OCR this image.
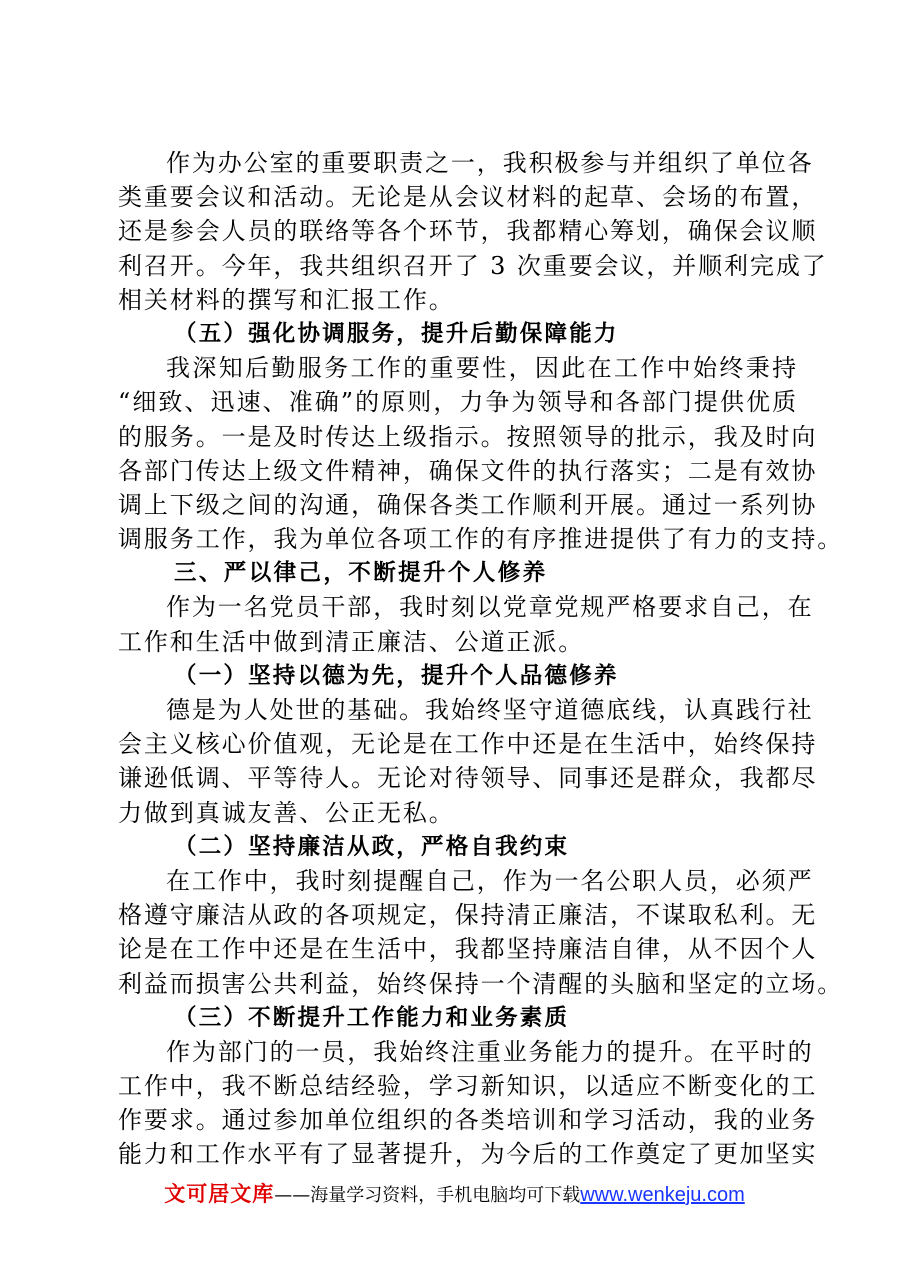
作为办公室的重要职责之一，我积极参与并组织了单位各
类重要会议和活动。无论是从会议材料的起草、会场的布置，
还是参会人员的联络等各个环节，我都精心筹划，确保会议顺
利召开。今年，我共组织召开了 3 次重要会议，并顺利完成了
相关材料的撰写和汇报工作。
（五）强化协调服务，提升后勤保障能力
我深知后勤服务工作的重要性，因此在工作中始终秉持
“细致、迅速、准确”的原则，力争为领导和各部门提供优质
的服务。一是及时传达上级指示。按照领导的批示，我及时向
各部门传达上级文件精神，确保文件的执行落实；二是有效协
调上下级之间的沟通，确保各类工作顺利开展。通过一系列协
调服务工作，我为单位各项工作的有序推进提供了有力的支持。
三、严以律己，不断提升个人修养
作为一名党员干部，我时刻以党章党规严格要求自己，在
工作和生活中做到清正廉洁、公道正派。
（一）坚持以德为先，提升个人品德修养
德是为人处世的基础。我始终坚守道德底线，认真践行社
会主义核心价值观，无论是在工作中还是在生活中，始终保持
谦逊低调、平等待人。无论对待领导、同事还是群众，我都尽
力做到真诚友善、公正无私。
（二）坚持廉洁从政，严格自我约束
在工作中，我时刻提醒自己，作为一名公职人员，必须严
格遵守廉洁从政的各项规定，保持清正廉洁，不谋取私利。无
论是在工作中还是在生活中，我都坚持廉洁自律，从不因个人
利益而损害公共利益，始终保持一个清醒的头脑和坚定的立场。
（三）不断提升工作能力和业务素质
作为部门的一员，我始终注重业务能力的提升。在平时的
工作中，我不断总结经验，学习新知识，以适应不断变化的工
作要求。通过参加单位组织的各类培训和学习活动，我的业务
能力和工作水平有了显著提升，为今后的工作奠定了更加坚实
文可居文库——海量学习资料，手机电脑均可下载www.wenkeju.com
